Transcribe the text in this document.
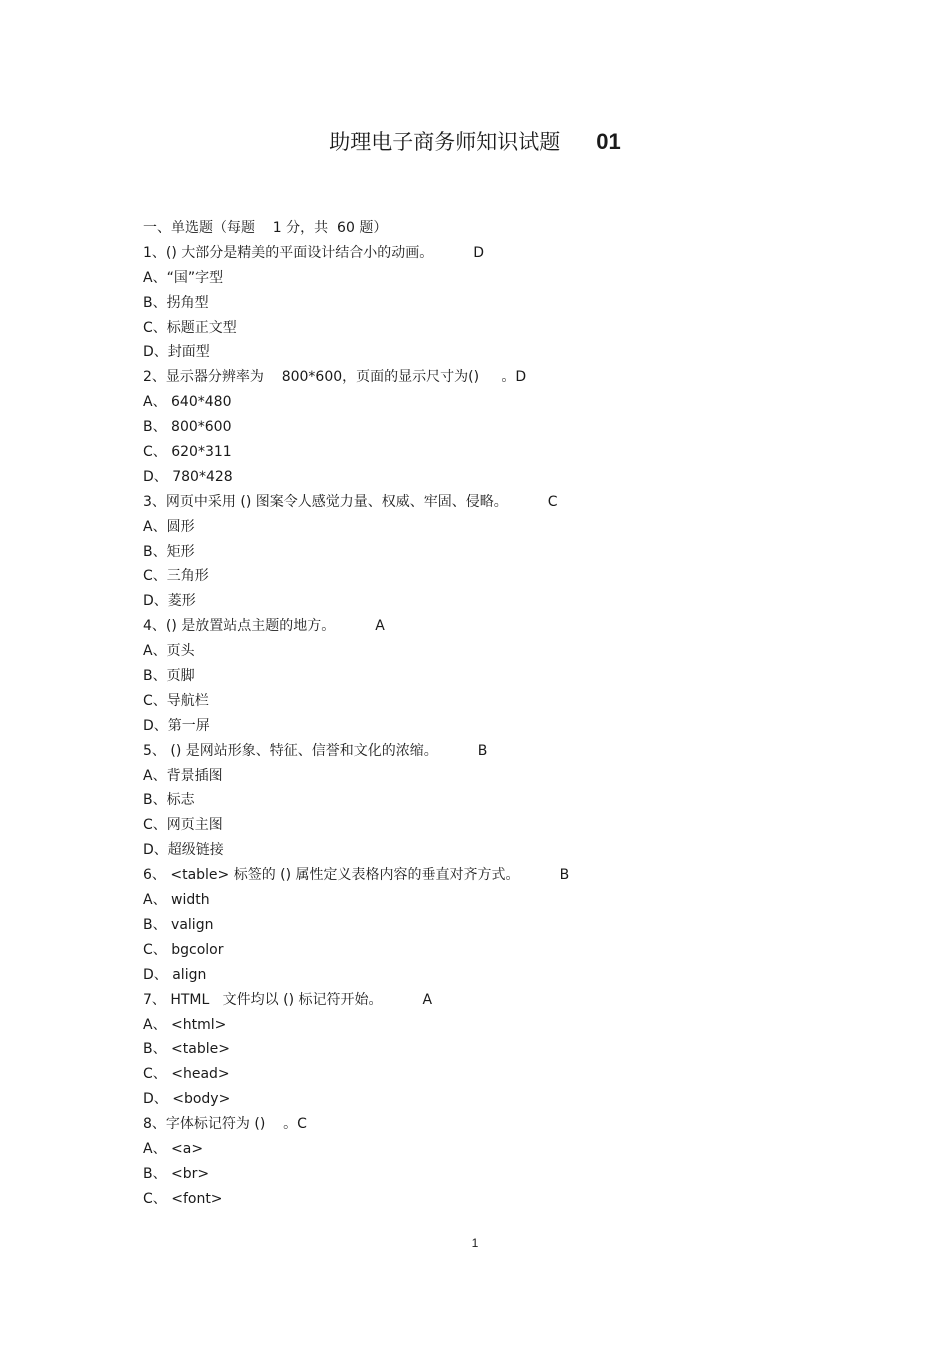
助理电子商务师知识试题 01
一、单选题（每题    1 分，共  60 题）
1、() 大部分是精美的平面设计结合小的动画。	D
A、“国”字型
B、拐角型
C、标题正文型
D、封面型
2、显示器分辨率为    800*600，页面的显示尺寸为()     。D
A、 640*480
B、 800*600
C、 620*311
D、 780*428
3、网页中采用 () 图案令人感觉力量、权威、牢固、侵略。	C
A、圆形
B、矩形
C、三角形
D、菱形
4、() 是放置站点主题的地方。	A
A、页头
B、页脚
C、导航栏
D、第一屏
5、 () 是网站形象、特征、信誉和文化的浓缩。	B
A、背景插图
B、标志
C、网页主图
D、超级链接
6、 <table> 标签的 () 属性定义表格内容的垂直对齐方式。	B
A、 width
B、 valign
C、 bgcolor
D、 align
7、 HTML   文件均以 () 标记符开始。	A
A、 <html>
B、 <table>
C、 <head>
D、 <body>
8、字体标记符为 ()    。C
A、 <a>
B、 <br>
C、 <font>
1
